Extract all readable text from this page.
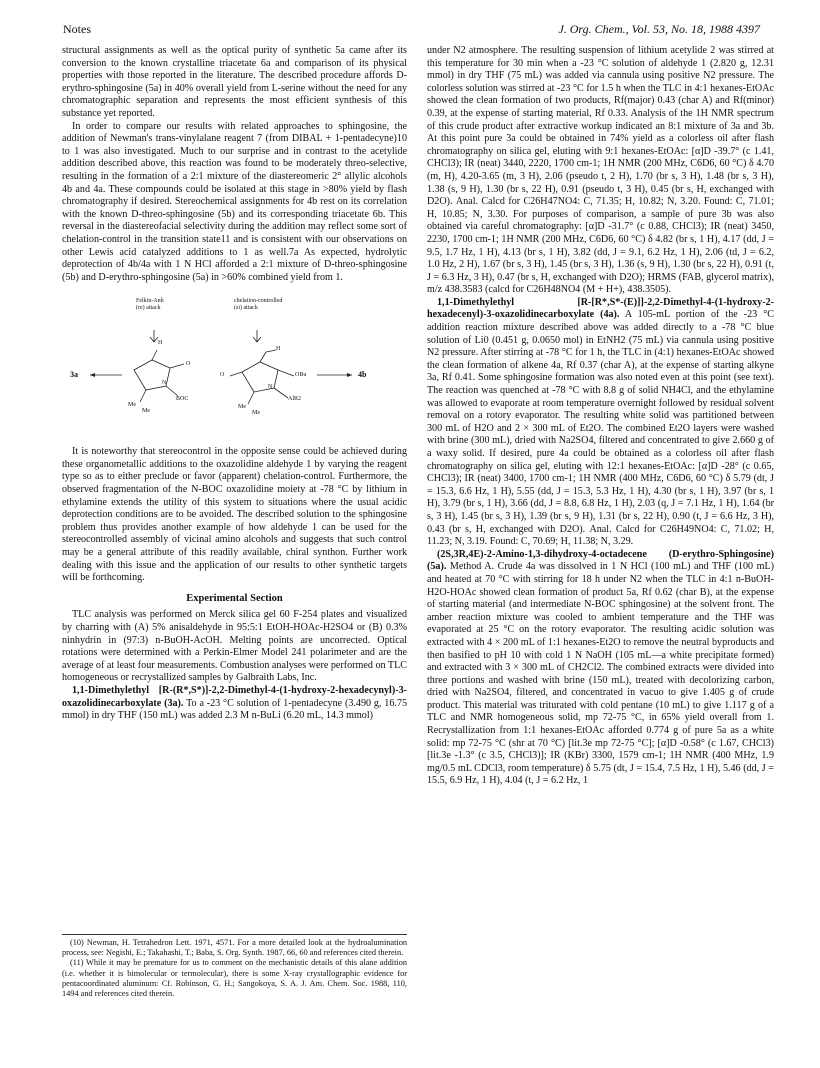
Notes	J. Org. Chem., Vol. 53, No. 18, 1988 4397

structural assignments as well as the optical purity of synthetic 5a came after its conversion to the known crystalline triacetate 6a and comparison of its physical properties with those reported in the literature. The described procedure affords D-erythro-sphingosine (5a) in 40% overall yield from L-serine without the need for any chromatographic separation and represents the most efficient synthesis of this substance yet reported.

In order to compare our results with related approaches to sphingosine, the addition of Newman's trans-vinylalane reagent 7 (from DIBAL + 1-pentadecyne)10 to 1 was also investigated. Much to our surprise and in contrast to the acetylide addition described above, this reaction was found to be moderately threo-selective, resulting in the formation of a 2:1 mixture of the diastereomeric 2° allylic alcohols 4b and 4a. These compounds could be isolated at this stage in >80% yield by flash chromatography if desired. Stereochemical assignments for 4b rest on its correlation with the known D-threo-sphingosine (5b) and its corresponding triacetate 6b. This reversal in the diastereofacial selectivity during the addition may reflect some sort of chelation-control in the transition state11 and is consistent with our observations on other Lewis acid catalyzed additions to 1 as well.7a As expected, hydrolytic deprotection of 4b/4a with 1 N HCl afforded a 2:1 mixture of D-threo-sphingosine (5b) and D-erythro-sphingosine (5a) in >60% combined yield from 1.

Felkin-Anh
(re) attack
chelation-controlled
(si) attack
3a	4b
H
O
N
BOC
Me
Me
H
OBu
AlR2
N
O
Me
Me

It is noteworthy that stereocontrol in the opposite sense could be achieved during these organometallic additions to the oxazolidine aldehyde 1 by varying the reagent type so as to either preclude or favor (apparent) chelation-control. Furthermore, the observed fragmentation of the N-BOC oxazolidine moiety at -78 °C by lithium in ethylamine extends the utility of this system to situations where the usual acidic deprotection conditions are to be avoided. The described solution to the sphingosine problem thus provides another example of how aldehyde 1 can be used for the stereocontrolled assembly of vicinal amino alcohols and suggests that such control may be a general attribute of this readily available, chiral synthon. Further work dealing with this issue and the application of our results to other synthetic targets will be forthcoming.

Experimental Section

TLC analysis was performed on Merck silica gel 60 F-254 plates and visualized by charring with (A) 5% anisaldehyde in 95:5:1 EtOH-HOAc-H2SO4 or (B) 0.3% ninhydrin in (97:3) n-BuOH-AcOH. Melting points are uncorrected. Optical rotations were determined with a Perkin-Elmer Model 241 polarimeter and are the average of at least four measurements. Combustion analyses were performed on TLC homogeneous or recrystallized samples by Galbraith Labs, Inc.

1,1-Dimethylethyl [R-(R*,S*)]-2,2-Dimethyl-4-(1-hydroxy-2-hexadecynyl)-3-oxazolidinecarboxylate (3a). To a -23 °C solution of 1-pentadecyne (3.490 g, 16.75 mmol) in dry THF (150 mL) was added 2.3 M n-BuLi (6.20 mL, 14.3 mmol)

(10) Newman, H. Tetrahedron Lett. 1971, 4571. For a more detailed look at the hydroalumination process, see: Negishi, E.; Takahashi, T.; Baba, S. Org. Synth. 1987, 66, 60 and references cited therein.

(11) While it may be premature for us to comment on the mechanistic details of this alane addition (i.e. whether it is bimolecular or termolecular), there is some X-ray crystallographic evidence for pentacoordinated aluminum: Cf. Robinson, G. H.; Sangokoya, S. A. J. Am. Chem. Soc. 1988, 110, 1494 and references cited therein.

under N2 atmosphere. The resulting suspension of lithium acetylide 2 was stirred at this temperature for 30 min when a -23 °C solution of aldehyde 1 (2.820 g, 12.31 mmol) in dry THF (75 mL) was added via cannula using positive N2 pressure. The colorless solution was stirred at -23 °C for 1.5 h when the TLC in 4:1 hexanes-EtOAc showed the clean formation of two products, Rf(major) 0.43 (char A) and Rf(minor) 0.39, at the expense of starting material, Rf 0.33. Analysis of the 1H NMR spectrum of this crude product after extractive workup indicated an 8:1 mixture of 3a and 3b. At this point pure 3a could be obtained in 74% yield as a colorless oil after flash chromatography on silica gel, eluting with 9:1 hexanes-EtOAc: [α]D -39.7° (c 1.41, CHCl3); IR (neat) 3440, 2220, 1700 cm-1; 1H NMR (200 MHz, C6D6, 60 °C) δ 4.70 (m, H), 4.20-3.65 (m, 3 H), 2.06 (pseudo t, 2 H), 1.70 (br s, 3 H), 1.48 (br s, 3 H), 1.38 (s, 9 H), 1.30 (br s, 22 H), 0.91 (pseudo t, 3 H), 0.45 (br s, H, exchanged with D2O). Anal. Calcd for C26H47NO4: C, 71.35; H, 10.82; N, 3.20. Found: C, 71.01; H, 10.85; N, 3.30. For purposes of comparison, a sample of pure 3b was also obtained via careful chromatography: [α]D -31.7° (c 0.88, CHCl3); IR (neat) 3450, 2230, 1700 cm-1; 1H NMR (200 MHz, C6D6, 60 °C) δ 4.82 (br s, 1 H), 4.17 (dd, J = 9.5, 1.7 Hz, 1 H), 4.13 (br s, 1 H), 3.82 (dd, J = 9.1, 6.2 Hz, 1 H), 2.06 (td, J = 6.2, 1.0 Hz, 2 H), 1.67 (br s, 3 H), 1.45 (br s, 3 H), 1.36 (s, 9 H), 1.30 (br s, 22 H), 0.91 (t, J = 6.3 Hz, 3 H), 0.47 (br s, H, exchanged with D2O); HRMS (FAB, glycerol matrix), m/z 438.3583 (calcd for C26H48NO4 (M + H+), 438.3505).

1,1-Dimethylethyl [R-[R*,S*-(E)]]-2,2-Dimethyl-4-(1-hydroxy-2-hexadecenyl)-3-oxazolidinecarboxylate (4a). A 105-mL portion of the -23 °C addition reaction mixture described above was added directly to a -78 °C blue solution of Li0 (0.451 g, 0.0650 mol) in EtNH2 (75 mL) via cannula using positive N2 pressure. After stirring at -78 °C for 1 h, the TLC in (4:1) hexanes-EtOAc showed the clean formation of alkene 4a, Rf 0.37 (char A), at the expense of starting alkyne 3a, Rf 0.41. Some sphingosine formation was also noted even at this point (see text). The reaction was quenched at -78 °C with 8.8 g of solid NH4Cl, and the ethylamine was allowed to evaporate at room temperature overnight followed by residual solvent removal on a rotory evaporator. The resulting white solid was partitioned between 300 mL of H2O and 2 × 300 mL of Et2O. The combined Et2O layers were washed with brine (300 mL), dried with Na2SO4, filtered and concentrated to give 2.660 g of a waxy solid. If desired, pure 4a could be obtained as a colorless oil after flash chromatography on silica gel, eluting with 12:1 hexanes-EtOAc: [α]D -28° (c 0.65, CHCl3); IR (neat) 3400, 1700 cm-1; 1H NMR (400 MHz, C6D6, 60 °C) δ 5.79 (dt, J = 15.3, 6.6 Hz, 1 H), 5.55 (dd, J = 15.3, 5.3 Hz, 1 H), 4.30 (br s, 1 H), 3.97 (br s, 1 H), 3.79 (br s, 1 H), 3.66 (dd, J = 8.8, 6.8 Hz, 1 H), 2.03 (q, J = 7.1 Hz, 1 H), 1.64 (br s, 3 H), 1.45 (br s, 3 H), 1.39 (br s, 9 H), 1.31 (br s, 22 H), 0.90 (t, J = 6.6 Hz, 3 H), 0.43 (br s, H, exchanged with D2O). Anal. Calcd for C26H49NO4: C, 71.02; H, 11.23; N, 3.19. Found: C, 70.69; H, 11.38; N, 3.29.

(2S,3R,4E)-2-Amino-1,3-dihydroxy-4-octadecene (D-erythro-Sphingosine) (5a). Method A. Crude 4a was dissolved in 1 N HCl (100 mL) and THF (100 mL) and heated at 70 °C with stirring for 18 h under N2 when the TLC in 4:1 n-BuOH-H2O-HOAc showed clean formation of product 5a, Rf 0.62 (char B), at the expense of starting material (and intermediate N-BOC sphingosine) at the solvent front. The amber reaction mixture was cooled to ambient temperature and the THF was evaporated at 25 °C on the rotory evaporator. The resulting acidic solution was extracted with 4 × 200 mL of 1:1 hexanes-Et2O to remove the neutral byproducts and then basified to pH 10 with cold 1 N NaOH (105 mL—a white precipitate formed) and extracted with 3 × 300 mL of CH2Cl2. The combined extracts were divided into three portions and washed with brine (150 mL), treated with decolorizing carbon, dried with Na2SO4, filtered, and concentrated in vacuo to give 1.405 g of crude product. This material was triturated with cold pentane (10 mL) to give 1.117 g of a TLC and NMR homogeneous solid, mp 72-75 °C, in 65% yield overall from 1. Recrystallization from 1:1 hexanes-EtOAc afforded 0.774 g of pure 5a as a white solid: mp 72-75 °C (shr at 70 °C) [lit.3e mp 72-75 °C]; [α]D -0.58° (c 1.67, CHCl3) [lit.3e -1.3° (c 3.5, CHCl3)]; IR (KBr) 3300, 1579 cm-1; 1H NMR (400 MHz, 1.9 mg/0.5 mL CDCl3, room temperature) δ 5.75 (dt, J = 15.4, 7.5 Hz, 1 H), 5.46 (dd, J = 15.5, 6.9 Hz, 1 H), 4.04 (t, J = 6.2 Hz, 1
